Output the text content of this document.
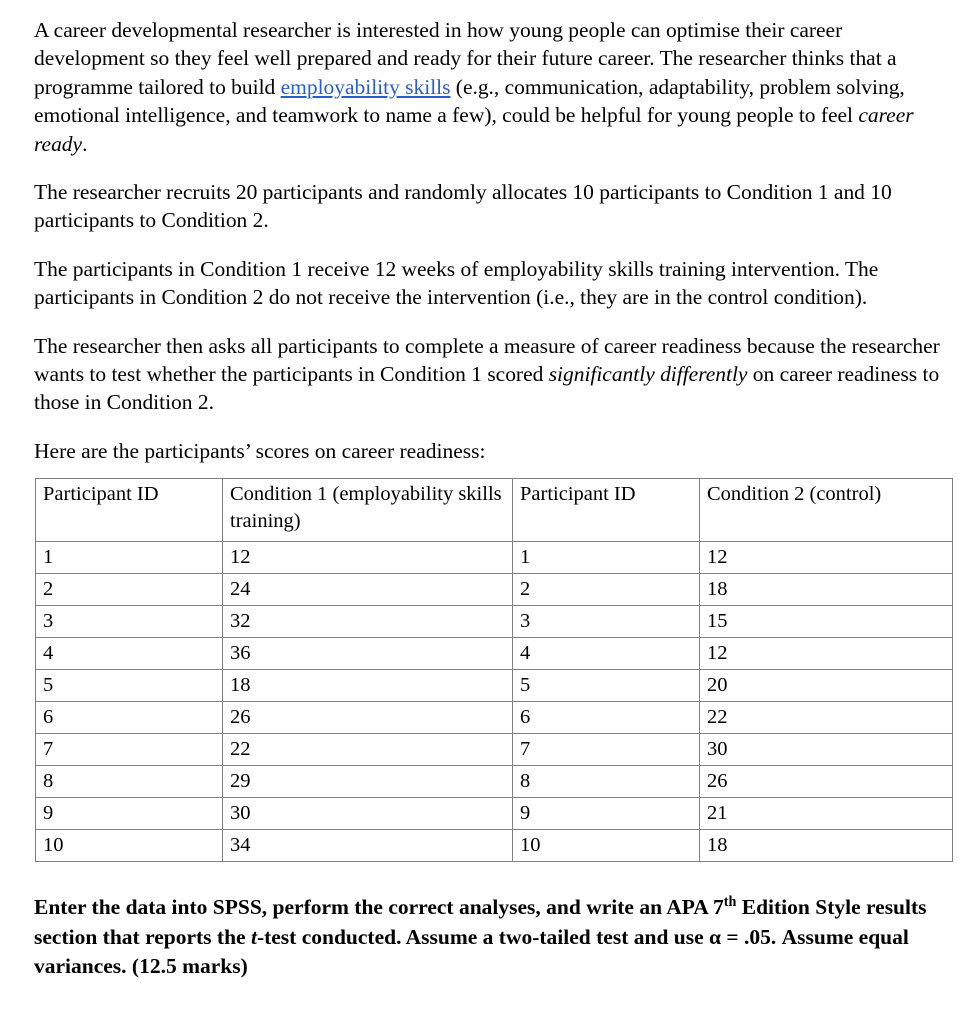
A career developmental researcher is interested in how young people can optimise their career development so they feel well prepared and ready for their future career. The researcher thinks that a programme tailored to build employability skills (e.g., communication, adaptability, problem solving, emotional intelligence, and teamwork to name a few), could be helpful for young people to feel career ready.

The researcher recruits 20 participants and randomly allocates 10 participants to Condition 1 and 10 participants to Condition 2.

The participants in Condition 1 receive 12 weeks of employability skills training intervention. The participants in Condition 2 do not receive the intervention (i.e., they are in the control condition).

The researcher then asks all participants to complete a measure of career readiness because the researcher wants to test whether the participants in Condition 1 scored significantly differently on career readiness to those in Condition 2.

Here are the participants’ scores on career readiness:

Participant ID	Condition 1 (employability skills training)	Participant ID	Condition 2 (control)
1	12	1	12
2	24	2	18
3	32	3	15
4	36	4	12
5	18	5	20
6	26	6	22
7	22	7	30
8	29	8	26
9	30	9	21
10	34	10	18

Enter the data into SPSS, perform the correct analyses, and write an APA 7th Edition Style results section that reports the t-test conducted. Assume a two-tailed test and use α = .05. Assume equal variances. (12.5 marks)
